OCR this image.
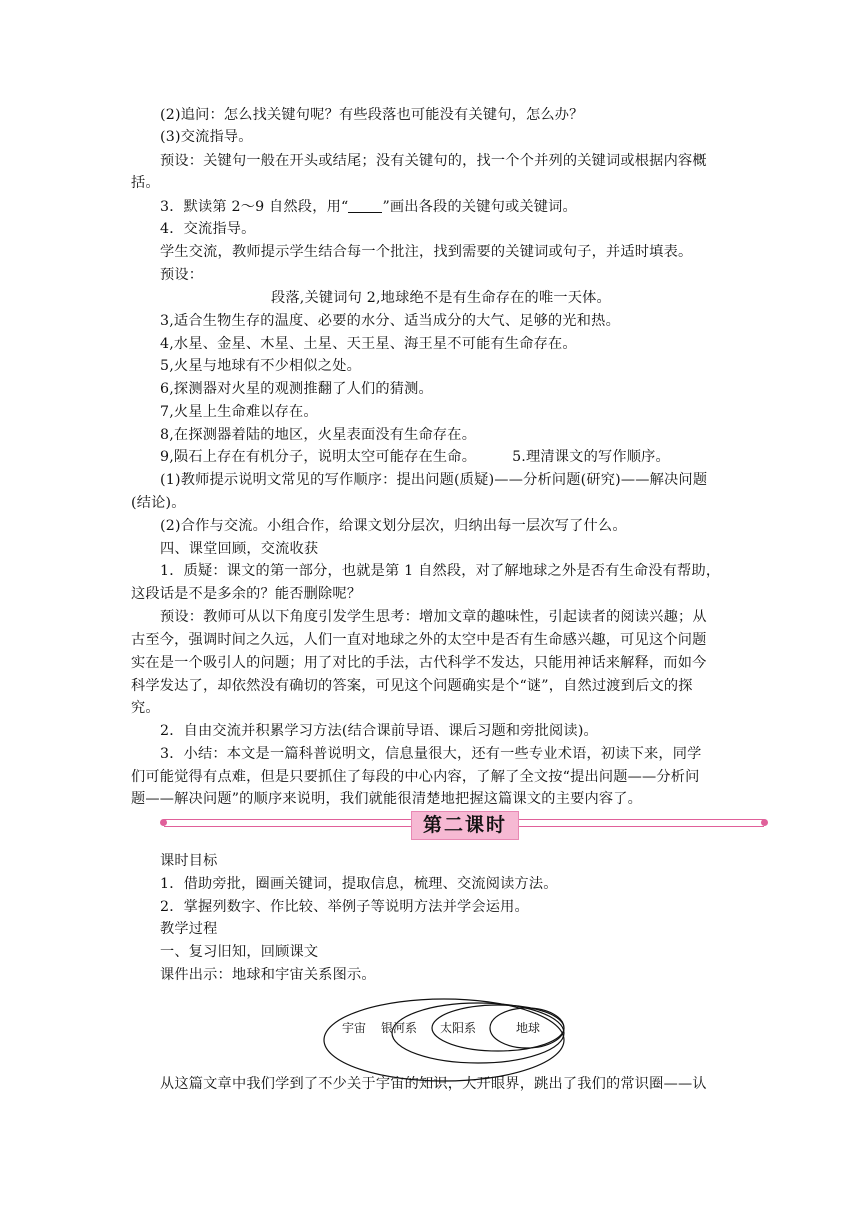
(2)追问：怎么找关键句呢？有些段落也可能没有关键句，怎么办？
(3)交流指导。
预设：关键句一般在开头或结尾；没有关键句的，找一个个并列的关键词或根据内容概
括。
3．默读第 2～9 自然段，用“ ”画出各段的关键句或关键词。
4．交流指导。
学生交流，教师提示学生结合每一个批注，找到需要的关键词或句子，并适时填表。
预设：
段落,关键词句 2,地球绝不是有生命存在的唯一天体。
3,适合生物生存的温度、必要的水分、适当成分的大气、足够的光和热。
4,水星、金星、木星、土星、天王星、海王星不可能有生命存在。
5,火星与地球有不少相似之处。
6,探测器对火星的观测推翻了人们的猜测。
7,火星上生命难以存在。
8,在探测器着陆的地区，火星表面没有生命存在。
9,陨石上存在有机分子，说明太空可能存在生命。	5.理清课文的写作顺序。
(1)教师提示说明文常见的写作顺序：提出问题(质疑)——分析问题(研究)——解决问题
(结论)。
(2)合作与交流。小组合作，给课文划分层次，归纳出每一层次写了什么。
四、课堂回顾，交流收获
1．质疑：课文的第一部分，也就是第 1 自然段，对了解地球之外是否有生命没有帮助，
这段话是不是多余的？能否删除呢？
预设：教师可从以下角度引发学生思考：增加文章的趣味性，引起读者的阅读兴趣；从
古至今，强调时间之久远，人们一直对地球之外的太空中是否有生命感兴趣，可见这个问题
实在是一个吸引人的问题；用了对比的手法，古代科学不发达，只能用神话来解释，而如今
科学发达了，却依然没有确切的答案，可见这个问题确实是个“谜”，自然过渡到后文的探
究。
2．自由交流并积累学习方法(结合课前导语、课后习题和旁批阅读)。
3．小结：本文是一篇科普说明文，信息量很大，还有一些专业术语，初读下来，同学
们可能觉得有点难，但是只要抓住了每段的中心内容，了解了全文按“提出问题——分析问
题——解决问题”的顺序来说明，我们就能很清楚地把握这篇课文的主要内容了。
第二课时
课时目标
1．借助旁批，圈画关键词，提取信息，梳理、交流阅读方法。
2．掌握列数字、作比较、举例子等说明方法并学会运用。
教学过程
一、复习旧知，回顾课文
课件出示：地球和宇宙关系图示。
宇宙 银河系 太阳系	地球
从这篇文章中我们学到了不少关于宇宙的知识，大开眼界，跳出了我们的常识圈——认
